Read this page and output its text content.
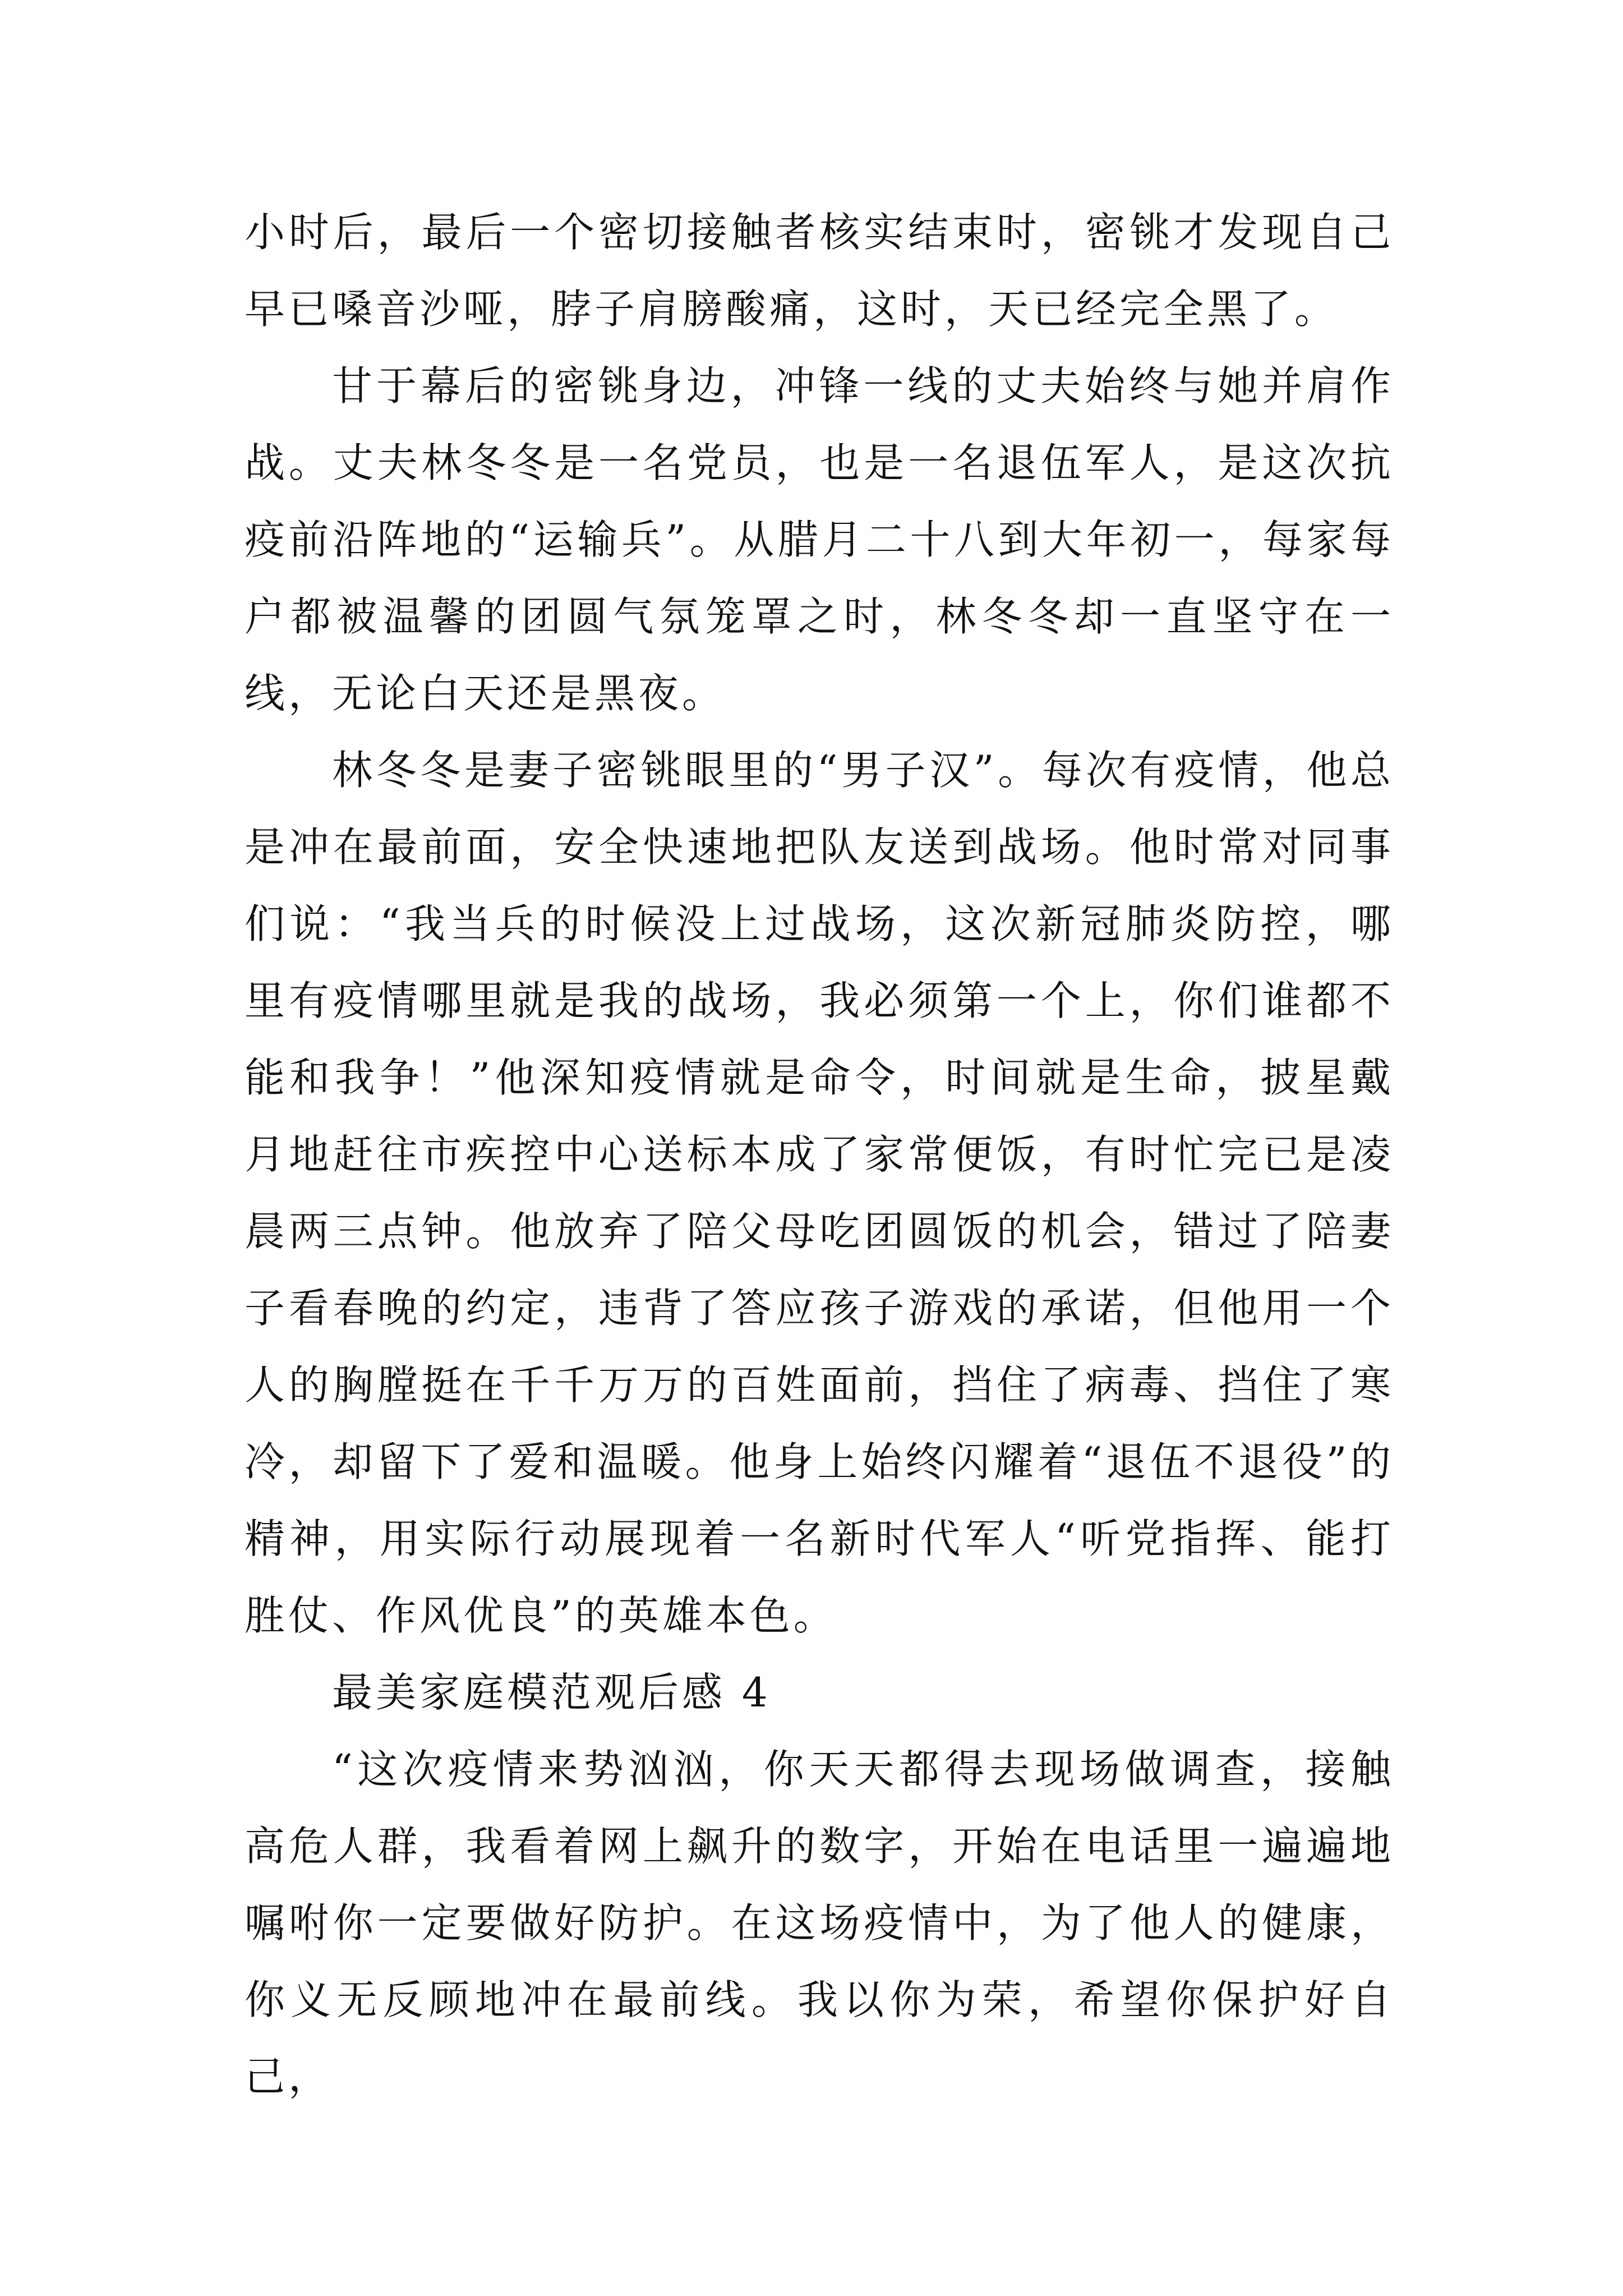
小时后，最后一个密切接触者核实结束时，密铫才发现自己早已嗓音沙哑，脖子肩膀酸痛，这时，天已经完全黑了。

甘于幕后的密铫身边，冲锋一线的丈夫始终与她并肩作战。丈夫林冬冬是一名党员，也是一名退伍军人，是这次抗疫前沿阵地的“运输兵”。从腊月二十八到大年初一，每家每户都被温馨的团圆气氛笼罩之时，林冬冬却一直坚守在一线，无论白天还是黑夜。

林冬冬是妻子密铫眼里的“男子汉”。每次有疫情，他总是冲在最前面，安全快速地把队友送到战场。他时常对同事们说：“我当兵的时候没上过战场，这次新冠肺炎防控，哪里有疫情哪里就是我的战场，我必须第一个上，你们谁都不能和我争！”他深知疫情就是命令，时间就是生命，披星戴月地赶往市疾控中心送标本成了家常便饭，有时忙完已是凌晨两三点钟。他放弃了陪父母吃团圆饭的机会，错过了陪妻子看春晚的约定，违背了答应孩子游戏的承诺，但他用一个人的胸膛挺在千千万万的百姓面前，挡住了病毒、挡住了寒冷，却留下了爱和温暖。他身上始终闪耀着“退伍不退役”的精神，用实际行动展现着一名新时代军人“听党指挥、能打胜仗、作风优良”的英雄本色。

最美家庭模范观后感 4

“这次疫情来势汹汹，你天天都得去现场做调查，接触高危人群，我看着网上飙升的数字，开始在电话里一遍遍地嘱咐你一定要做好防护。在这场疫情中，为了他人的健康，你义无反顾地冲在最前线。我以你为荣，希望你保护好自己，
